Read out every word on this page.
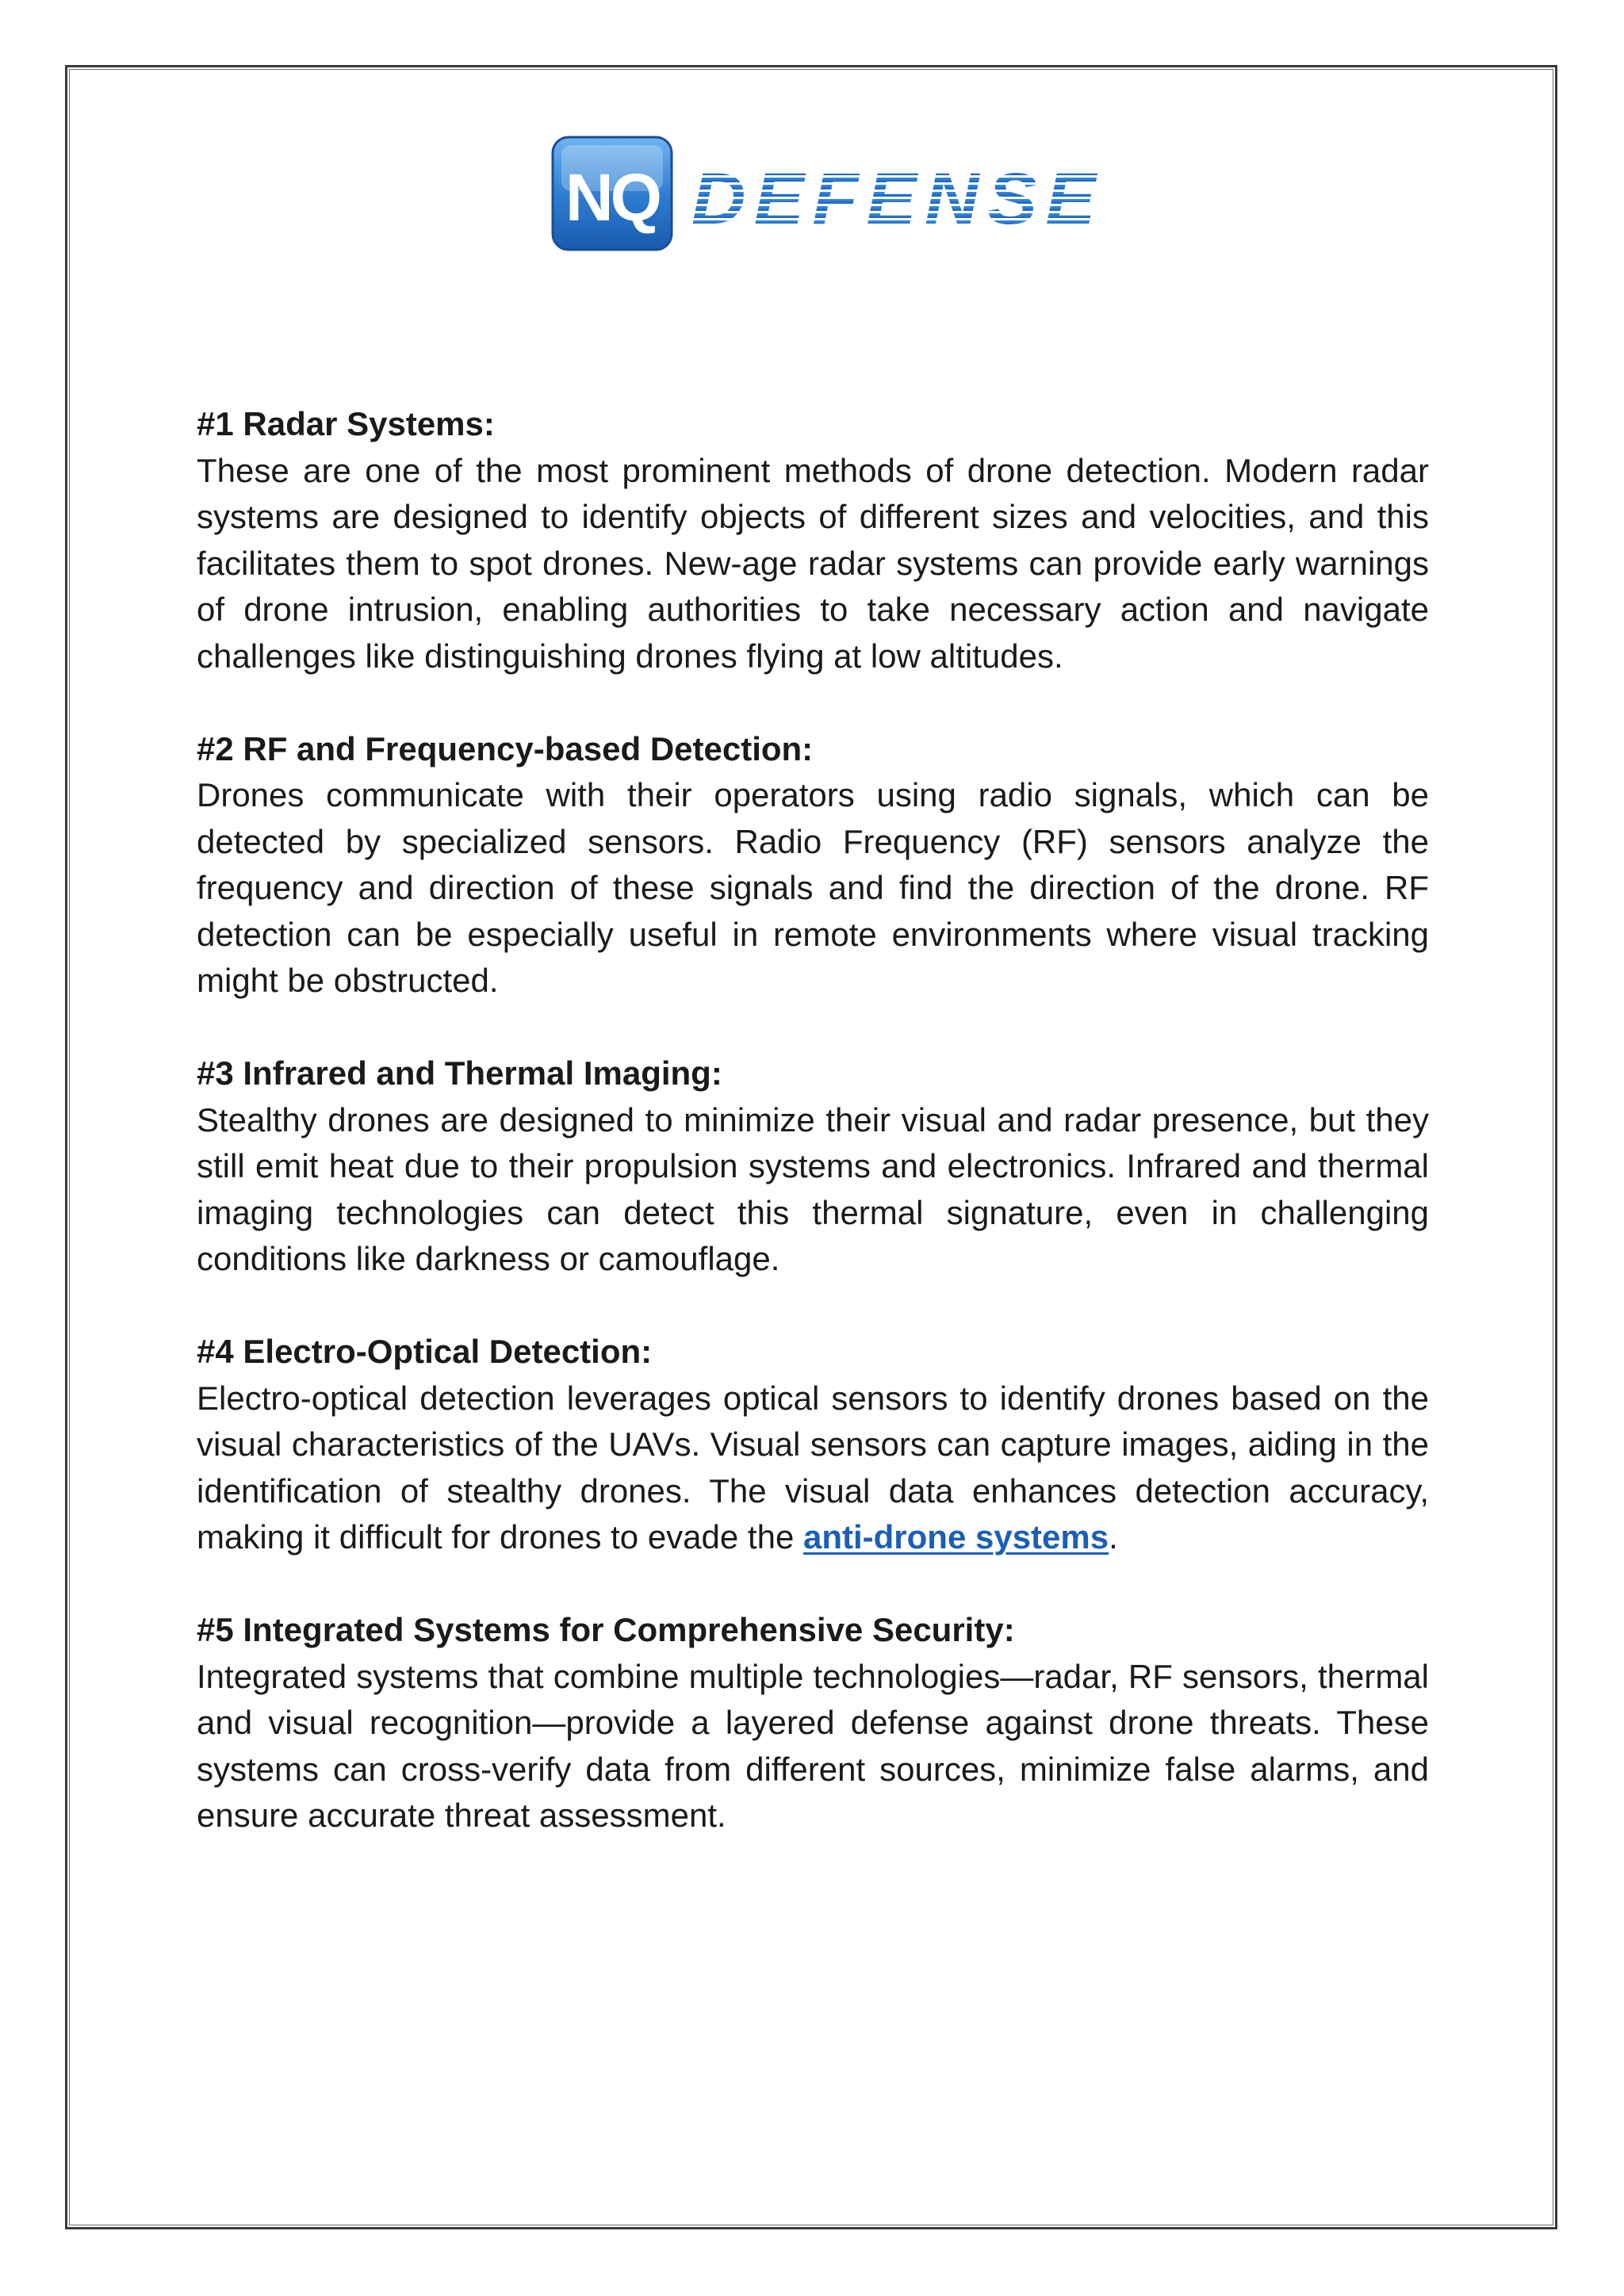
NQ DEFENSE

#1 Radar Systems:

These are one of the most prominent methods of drone detection. Modern radar systems are designed to identify objects of different sizes and velocities, and this facilitates them to spot drones. New-age radar systems can provide early warnings of drone intrusion, enabling authorities to take necessary action and navigate challenges like distinguishing drones flying at low altitudes.

#2 RF and Frequency-based Detection:

Drones communicate with their operators using radio signals, which can be detected by specialized sensors. Radio Frequency (RF) sensors analyze the frequency and direction of these signals and find the direction of the drone. RF detection can be especially useful in remote environments where visual tracking might be obstructed.

#3 Infrared and Thermal Imaging:

Stealthy drones are designed to minimize their visual and radar presence, but they still emit heat due to their propulsion systems and electronics. Infrared and thermal imaging technologies can detect this thermal signature, even in challenging conditions like darkness or camouflage.

#4 Electro-Optical Detection:

Electro-optical detection leverages optical sensors to identify drones based on the visual characteristics of the UAVs. Visual sensors can capture images, aiding in the identification of stealthy drones. The visual data enhances detection accuracy, making it difficult for drones to evade the anti-drone systems.

#5 Integrated Systems for Comprehensive Security:

Integrated systems that combine multiple technologies—radar, RF sensors, thermal and visual recognition—provide a layered defense against drone threats. These systems can cross-verify data from different sources, minimize false alarms, and ensure accurate threat assessment.
